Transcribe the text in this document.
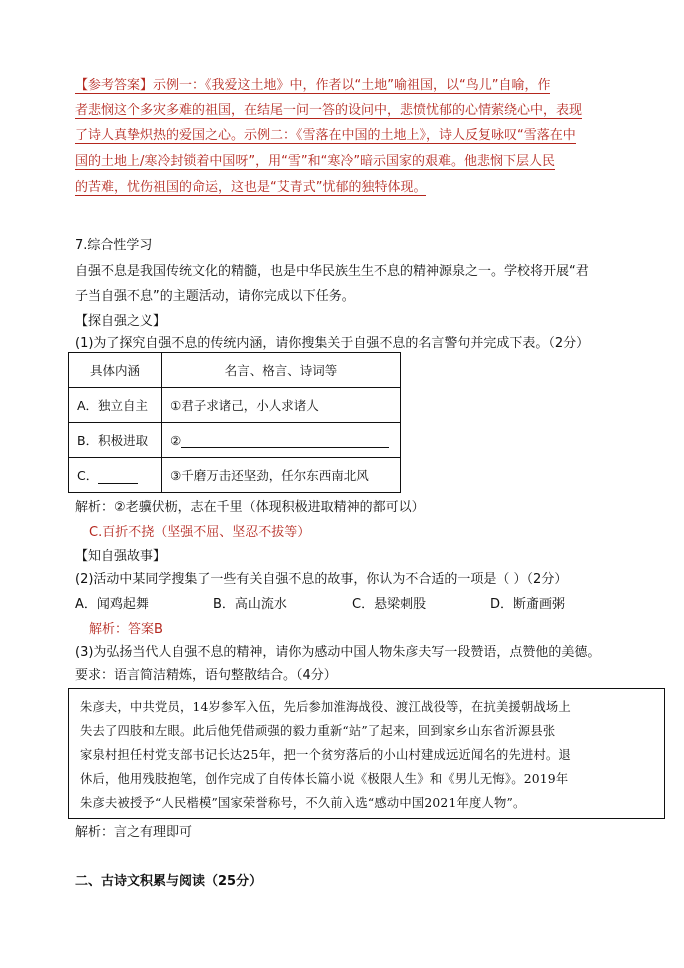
【参考答案】示例一：《我爱这土地》中，作者以“土地”喻祖国，以“鸟儿”自喻，作
者悲悯这个多灾多难的祖国，在结尾一问一答的设问中，悲愤忧郁的心情萦绕心中，表现
了诗人真挚炽热的爱国之心。示例二：《雪落在中国的土地上》，诗人反复咏叹“雪落在中
国的土地上/寒冷封锁着中国呀”，用“雪”和“寒冷”暗示国家的艰难。他悲悯下层人民
的苦难，忧伤祖国的命运，这也是“艾青式”忧郁的独特体现。
7.综合性学习
自强不息是我国传统文化的精髓，也是中华民族生生不息的精神源泉之一。学校将开展“君
子当自强不息”的主题活动，请你完成以下任务。
【探自强之义】
(1)为了探究自强不息的传统内涵，请你搜集关于自强不息的名言警句并完成下表。（2分）
具体内涵	名言、格言、诗词等
A．独立自主	①君子求诸己，小人求诸人
B．积极进取	②
C．	③千磨万击还坚劲，任尔东西南北风
解析：②老骥伏枥，志在千里（体现积极进取精神的都可以）
C.百折不挠（坚强不屈、坚忍不拔等）
【知自强故事】
(2)活动中某同学搜集了一些有关自强不息的故事，你认为不合适的一项是（ ）（2分）
A．闻鸡起舞	B．高山流水	C．悬梁刺股	D．断齑画粥
解析：答案B
(3)为弘扬当代人自强不息的精神，请你为感动中国人物朱彦夫写一段赞语，点赞他的美德。
要求：语言简洁精炼，语句整散结合。（4分）
朱彦夫，中共党员，14岁参军入伍，先后参加淮海战役、渡江战役等，在抗美援朝战场上
失去了四肢和左眼。此后他凭借顽强的毅力重新“站”了起来，回到家乡山东省沂源县张
家泉村担任村党支部书记长达25年，把一个贫穷落后的小山村建成远近闻名的先进村。退
休后，他用残肢抱笔，创作完成了自传体长篇小说《极限人生》和《男儿无悔》。2019年
朱彦夫被授予“人民楷模”国家荣誉称号，不久前入选“感动中国2021年度人物”。
解析：言之有理即可
二、古诗文积累与阅读（25分）
